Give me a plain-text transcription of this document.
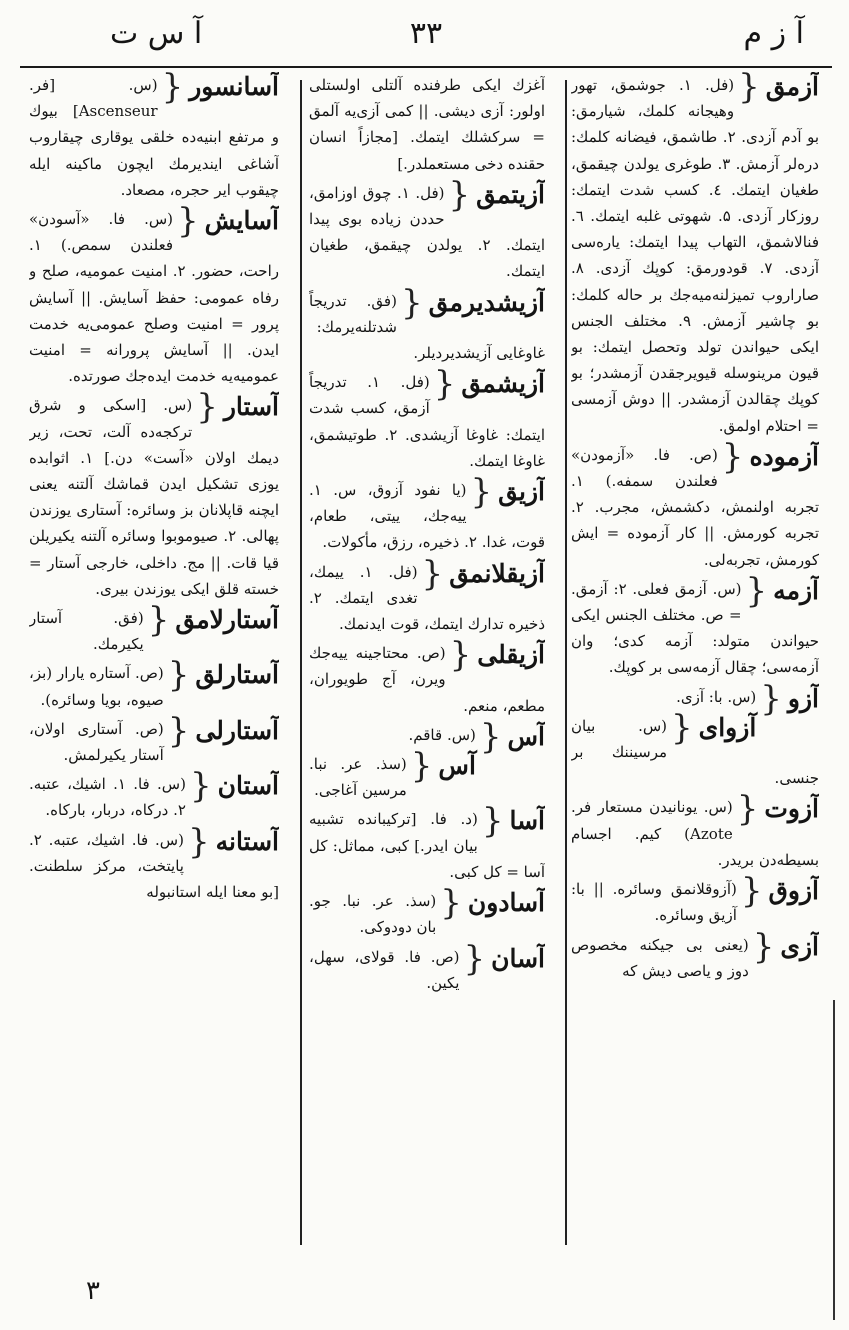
آ ز م
۳۳
آ س ت
آزمق
{
(فل. ۱. جوشمق، تهور وهیجانه کلمك، شیارمق: بو آدم آزدی. ۲. طاشمق، فیضانه کلمك: دره‌لر آزمش. ۳. طوغری یولدن چیقمق، طغیان ایتمك. ٤. کسب شدت ایتمك: روزکار آزدی. ۵. شهوتی غلبه ایتمك. ٦. فنالاشمق، التهاب پیدا ایتمك: یاره‌سی آزدی. ۷. قودورمق: کوپك آزدی. ۸. صاراروب تمیزلنه‌میه‌جك بر حاله کلمك: بو چاشیر آزمش. ۹. مختلف الجنس ایکی حیواندن تولد وتحصل ایتمك: بو قیون مرینوسله قیویرجقدن آزمشدر؛ بو کوپك چقالدن آزمشدر. || دوش آزمسی = احتلام اولمق.
آزموده
{
(ص. فا. «آزمودن» فعلندن سمفه.) ۱. تجربه اولنمش، دکشمش، مجرب. ۲. تجربه کورمش. || کار آزموده = ایش کورمش، تجربه‌لی.
آزمه
{
(س. آزمق فعلی. ۲: آزمق. = ص. مختلف الجنس ایکی حیواندن متولد: آزمه کدی؛ وان آزمه‌سی؛ چقال آزمه‌سی بر کوپك.
آزو
{
(س. با: آزی.
آزوای
{
(س. بیان مرسیننك بر جنسی.
آزوت
{
(س. یونانیدن مستعار فر. Azote) کیم. اجسام بسیطه‌دن بریدر.
آزوق
{
(آزوقلانمق وسائره. || با: آزیق وسائره.
آزی
{
(یعنی بی جیکنه مخصوص دوز و یاصی دیش که
آغزك ایکی طرفنده آلتلی اولستلی اولور: آزی دیشی. || کمی آزی‌یه آلمق = سرکشلك ایتمك. [مجازاً انسان حقنده دخی مستعملدر.]
آزیتمق
{
(فل. ۱. چوق اوزامق، حددن زیاده بوی پیدا ایتمك. ۲. یولدن چیقمق، طغیان ایتمك.
آزیشدیرمق
{
(فق. تدریجاً شدتلنه‌یرمك: غاوغایی آزیشدیردیلر.
آزیشمق
{
(فل. ۱. تدریجاً آزمق، کسب شدت ایتمك: غاوغا آزیشدی. ۲. طوتیشمق، غاوغا ایتمك.
آزیق
{
(یا نفود آزوق، س. ۱. ییه‌جك، ییتی، طعام، قوت، غدا. ۲. ذخیره، رزق، مأکولات.
آزیقلانمق
{
(فل. ۱. ییمك، تغدی ایتمك. ۲. ذخیره تدارك ایتمك، قوت ایدنمك.
آزیقلی
{
(ص. محتاجینه ییه‌جك ویرن، آج طویوران، مطعم، منعم.
آس
{
(س. قاقم.
آس
{
(سذ. عر. نبا. مرسین آغاجی.
آسا
{
(د. فا. [ترکیبانده تشبیه بیان ایدر.] کبی، مماثل: کل آسا = کل کبی.
آسادون
{
(سذ. عر. نبا. جو. بان دودوکی.
آسان
{
(ص. فا. قولای، سهل، یکین.
آسانسور
{
(س. [فر. Ascenseur] بیوك و مرتفع ابنیه‌ده خلقی یوقاری چیقاروب آشاغی ایندیرمك ایچون ماکینه ایله چیقوب ایر حجره، مصعاد.
آسایش
{
(س. فا. «آسودن» فعلندن سمص.) ۱. راحت، حضور. ۲. امنیت عمومیه، صلح و رفاه عمومی: حفظ آسایش. || آسایش پرور = امنیت وصلح عمومی‌یه خدمت ایدن. || آسایش پرورانه = امنیت عمومیه‌یه خدمت ایده‌جك صورتده.
آستار
{
(س. [اسکی و شرق ترکجه‌ده آلت، تحت، زیر دیمك اولان «آست» دن.] ۱. اثوابده یوزی تشکیل ایدن قماشك آلتنه یعنی ایچنه قاپلانان بز وسائره: آستاری یوزندن پهالی. ۲. صیوموبوا وسائره آلتنه یکیریلن قیا قات. || مج. داخلی، خارجی آستار = خسته قلق ایکی یوزندن بیری.
آستارلامق
{
(فق. آستار یکیرمك.
آستارلق
{
(ص. آستاره یارار (بز، صیوه، بویا وسائره).
آستارلی
{
(ص. آستاری اولان، آستار یکیرلمش.
آستان
{
(س. فا. ۱. اشیك، عتبه. ۲. درکاه، دربار، بارکاه.
آستانه
{
(س. فا. اشیك، عتبه. ۲. پایتخت، مرکز سلطنت. [بو معنا ایله استانبوله
۳
